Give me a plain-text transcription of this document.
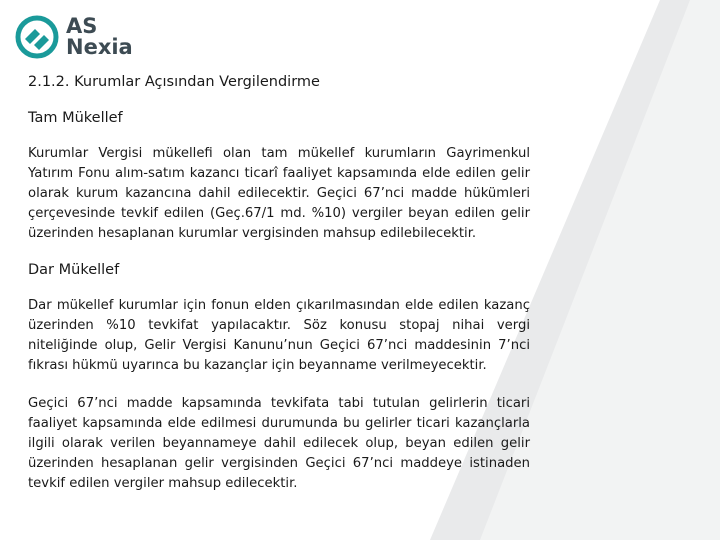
AS
Nexia
2.1.2. Kurumlar Açısından Vergilendirme
Tam Mükellef

Kurumlar Vergisi mükellefi olan tam mükellef kurumların Gayrimenkul Yatırım Fonu alım-satım kazancı ticarî faaliyet kapsamında elde edilen gelir olarak kurum kazancına dahil edilecektir. Geçici 67’nci madde hükümleri çerçevesinde tevkif edilen (Geç.67/1 md. %10) vergiler beyan edilen gelir üzerinden hesaplanan kurumlar vergisinden mahsup edilebilecektir.

Dar Mükellef

Dar mükellef kurumlar için fonun elden çıkarılmasından elde edilen kazanç üzerinden %10 tevkifat yapılacaktır. Söz konusu stopaj nihai vergi niteliğinde olup, Gelir Vergisi Kanunu’nun Geçici 67’nci maddesinin 7’nci fıkrası hükmü uyarınca bu kazançlar için beyanname verilmeyecektir.

Geçici 67’nci madde kapsamında tevkifata tabi tutulan gelirlerin ticari faaliyet kapsamında elde edilmesi durumunda bu gelirler ticari kazançlarla ilgili olarak verilen beyannameye dahil edilecek olup, beyan edilen gelir üzerinden hesaplanan gelir vergisinden Geçici 67’nci maddeye istinaden tevkif edilen vergiler mahsup edilecektir.
